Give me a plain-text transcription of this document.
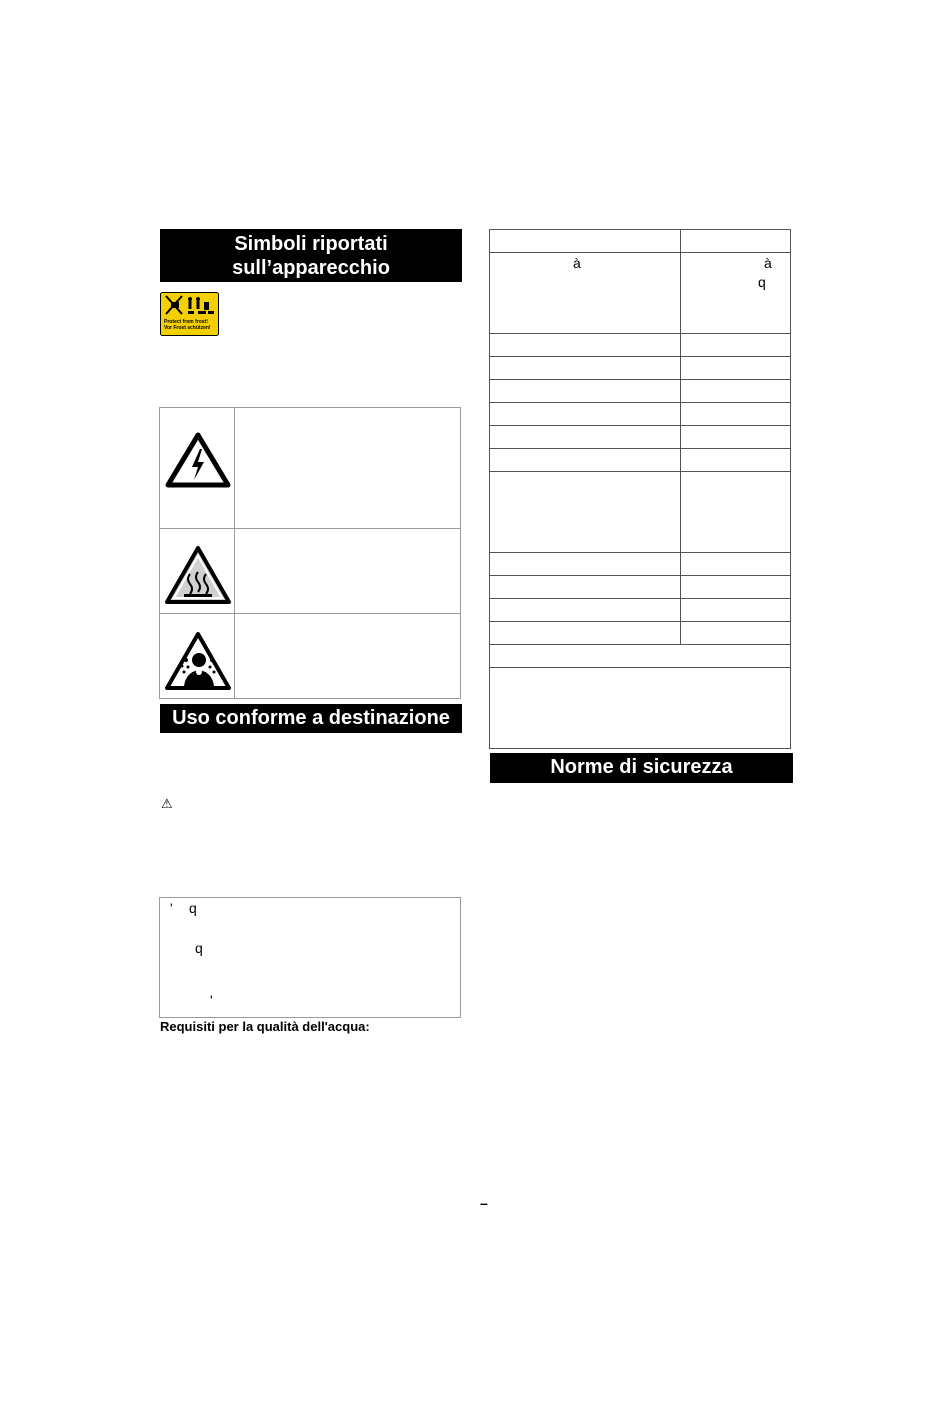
Simboli riportati sull’apparecchio
Protect from frost!
Vor Frost schützen!
Uso conforme a destinazione
⚠
' q
q
'
Requisiti per la qualità dell'acqua:
à	à
q
Norme di sicurezza
–
